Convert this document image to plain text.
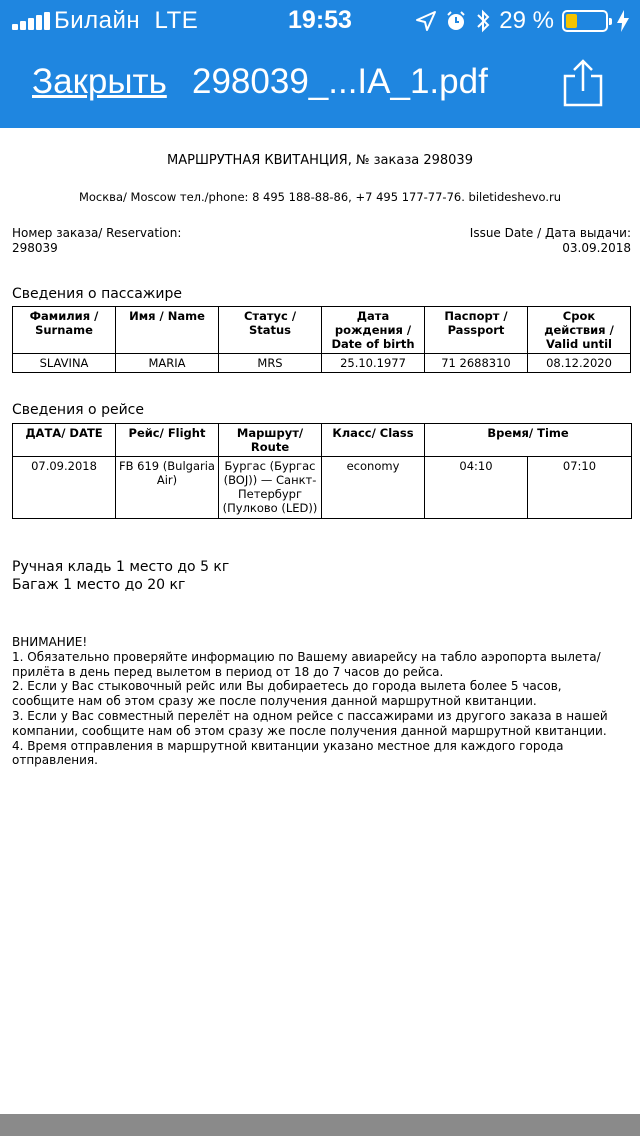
Билайн LTE	19:53	29 %
Закрыть 298039_...IA_1.pdf
МАРШРУТНАЯ КВИТАНЦИЯ, № заказа 298039
Москва/ Moscow тел./phone: 8 495 188-88-86, +7 495 177-77-76. biletideshevo.ru
Номер заказа/ Reservation:
298039
Issue Date / Дата выдачи:
03.09.2018
Сведения о пассажире
Фамилия / Surname	Имя / Name	Статус / Status	Дата рождения / Date of birth	Паспорт / Passport	Срок действия / Valid until
SLAVINA	MARIA	MRS	25.10.1977	71 2688310	08.12.2020
Сведения о рейсе
ДАТА/ DATE	Рейс/ Flight	Маршрут/ Route	Класс/ Class	Время/ Time	
07.09.2018	FB 619 (Bulgaria Air)	Бургас (Бургас (BOJ)) — Санкт-Петербург (Пулково (LED))	economy	04:10	07:10
Ручная кладь 1 место до 5 кг
Багаж 1 место до 20 кг
ВНИМАНИЕ!
1. Обязательно проверяйте информацию по Вашему авиарейсу на табло аэропорта вылета/прилёта в день перед вылетом в период от 18 до 7 часов до рейса.
2. Если у Вас стыковочный рейс или Вы добираетесь до города вылета более 5 часов, сообщите нам об этом сразу же после получения данной маршрутной квитанции.
3. Если у Вас совместный перелёт на одном рейсе с пассажирами из другого заказа в нашей компании, сообщите нам об этом сразу же после получения данной маршрутной квитанции.
4. Время отправления в маршрутной квитанции указано местное для каждого города отправления.
